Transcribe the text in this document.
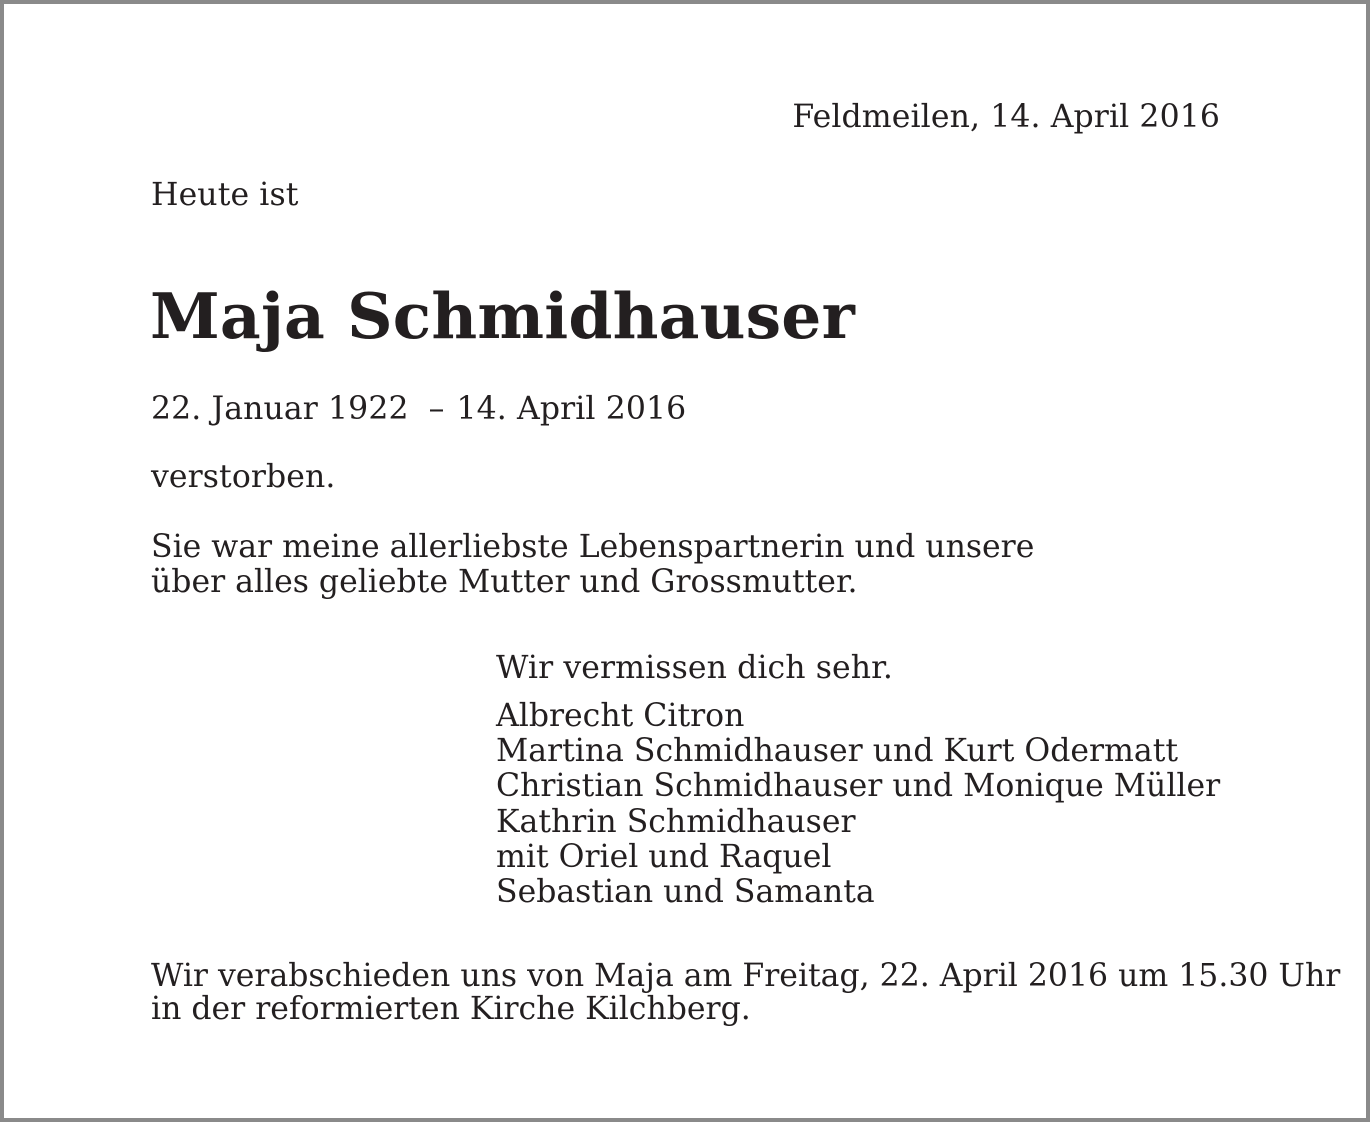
Feldmeilen, 14. April 2016

Heute ist

Maja Schmidhauser

22. Januar 1922 – 14. April 2016

verstorben.

Sie war meine allerliebste Lebenspartnerin und unsere
über alles geliebte Mutter und Grossmutter.

Wir vermissen dich sehr.

Albrecht Citron
Martina Schmidhauser und Kurt Odermatt
Christian Schmidhauser und Monique Müller
Kathrin Schmidhauser
mit Oriel und Raquel
Sebastian und Samanta

Wir verabschieden uns von Maja am Freitag, 22. April 2016 um 15.30 Uhr
in der reformierten Kirche Kilchberg.
